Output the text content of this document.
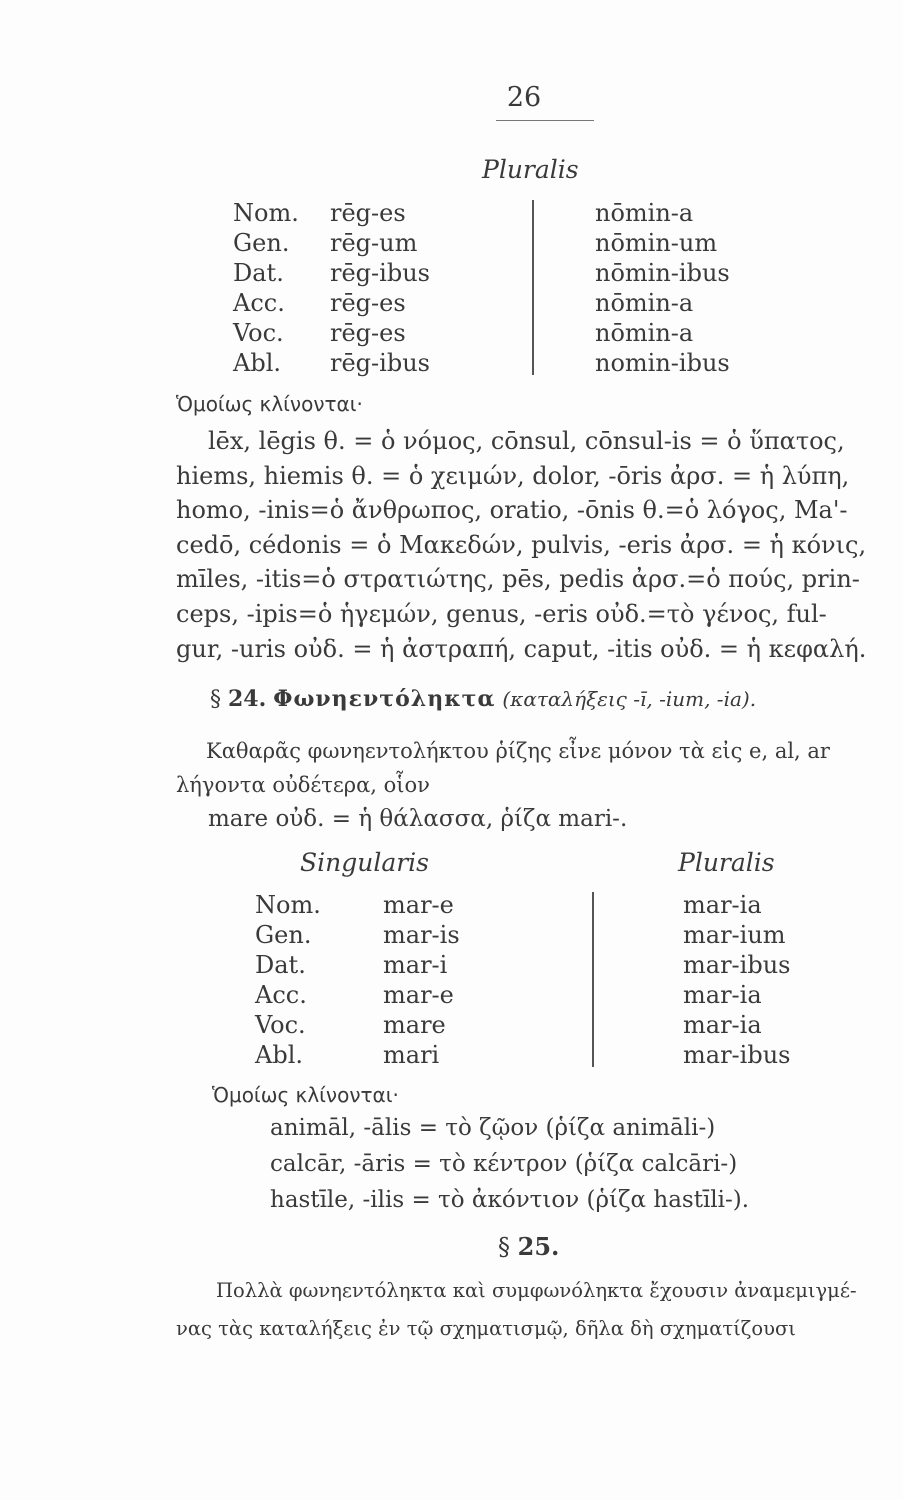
26
Pluralis
Nom.
Gen.
Dat.
Acc.
Voc.
Abl.
rēg-es
rēg-um
rēg-ibus
rēg-es
rēg-es
rēg-ibus
nōmin-a
nōmin-um
nōmin-ibus
nōmin-a
nōmin-a
nomin-ibus
Ὁμοίως κλίνονται·
lēx, lēgis θ. = ὁ νόμος, cōnsul, cōnsul-is = ὁ ὕπατος,
hiems, hiemis θ. = ὁ χειμών, dolor, -ōris ἀρσ. = ἡ λύπη,
homo, -inis=ὁ ἄνθρωπος, oratio, -ōnis θ.=ὁ λόγος, Ma'-
cedō, cédonis = ὁ Μακεδών, pulvis, -eris ἀρσ. = ἡ κόνις,
mīles, -itis=ὁ στρατιώτης, pēs, pedis ἀρσ.=ὁ πούς, prin-
ceps, -ipis=ὁ ἡγεμών, genus, -eris οὐδ.=τὸ γένος, ful-
gur, -uris οὐδ. = ἡ ἀστραπή, caput, -itis οὐδ. = ἡ κεφαλή.
§ 24. Φωνηεντόληκτα (καταλήξεις -ī, -ium, -ia).
Καθαρᾶς φωνηεντολήκτου ῥίζης εἶνε μόνον τὰ εἰς e, al, ar
λήγοντα οὐδέτερα, οἷον
mare οὐδ. = ἡ θάλασσα, ῥίζα mari-.
Singularis	Pluralis
Nom.
Gen.
Dat.
Acc.
Voc.
Abl.
mar-e
mar-is
mar-i
mar-e
mare
mari
mar-ia
mar-ium
mar-ibus
mar-ia
mar-ia
mar-ibus
Ὁμοίως κλίνονται·
animāl, -ālis = τὸ ζῷον (ῥίζα animāli-)
calcār, -āris = τὸ κέντρον (ῥίζα calcāri-)
hastīle, -ilis = τὸ ἀκόντιον (ῥίζα hastīli-).
§ 25.
Πολλὰ φωνηεντόληκτα καὶ συμφωνόληκτα ἔχουσιν ἀναμεμιγμέ-
νας τὰς καταλήξεις ἐν τῷ σχηματισμῷ, δῆλα δὴ σχηματίζουσι
